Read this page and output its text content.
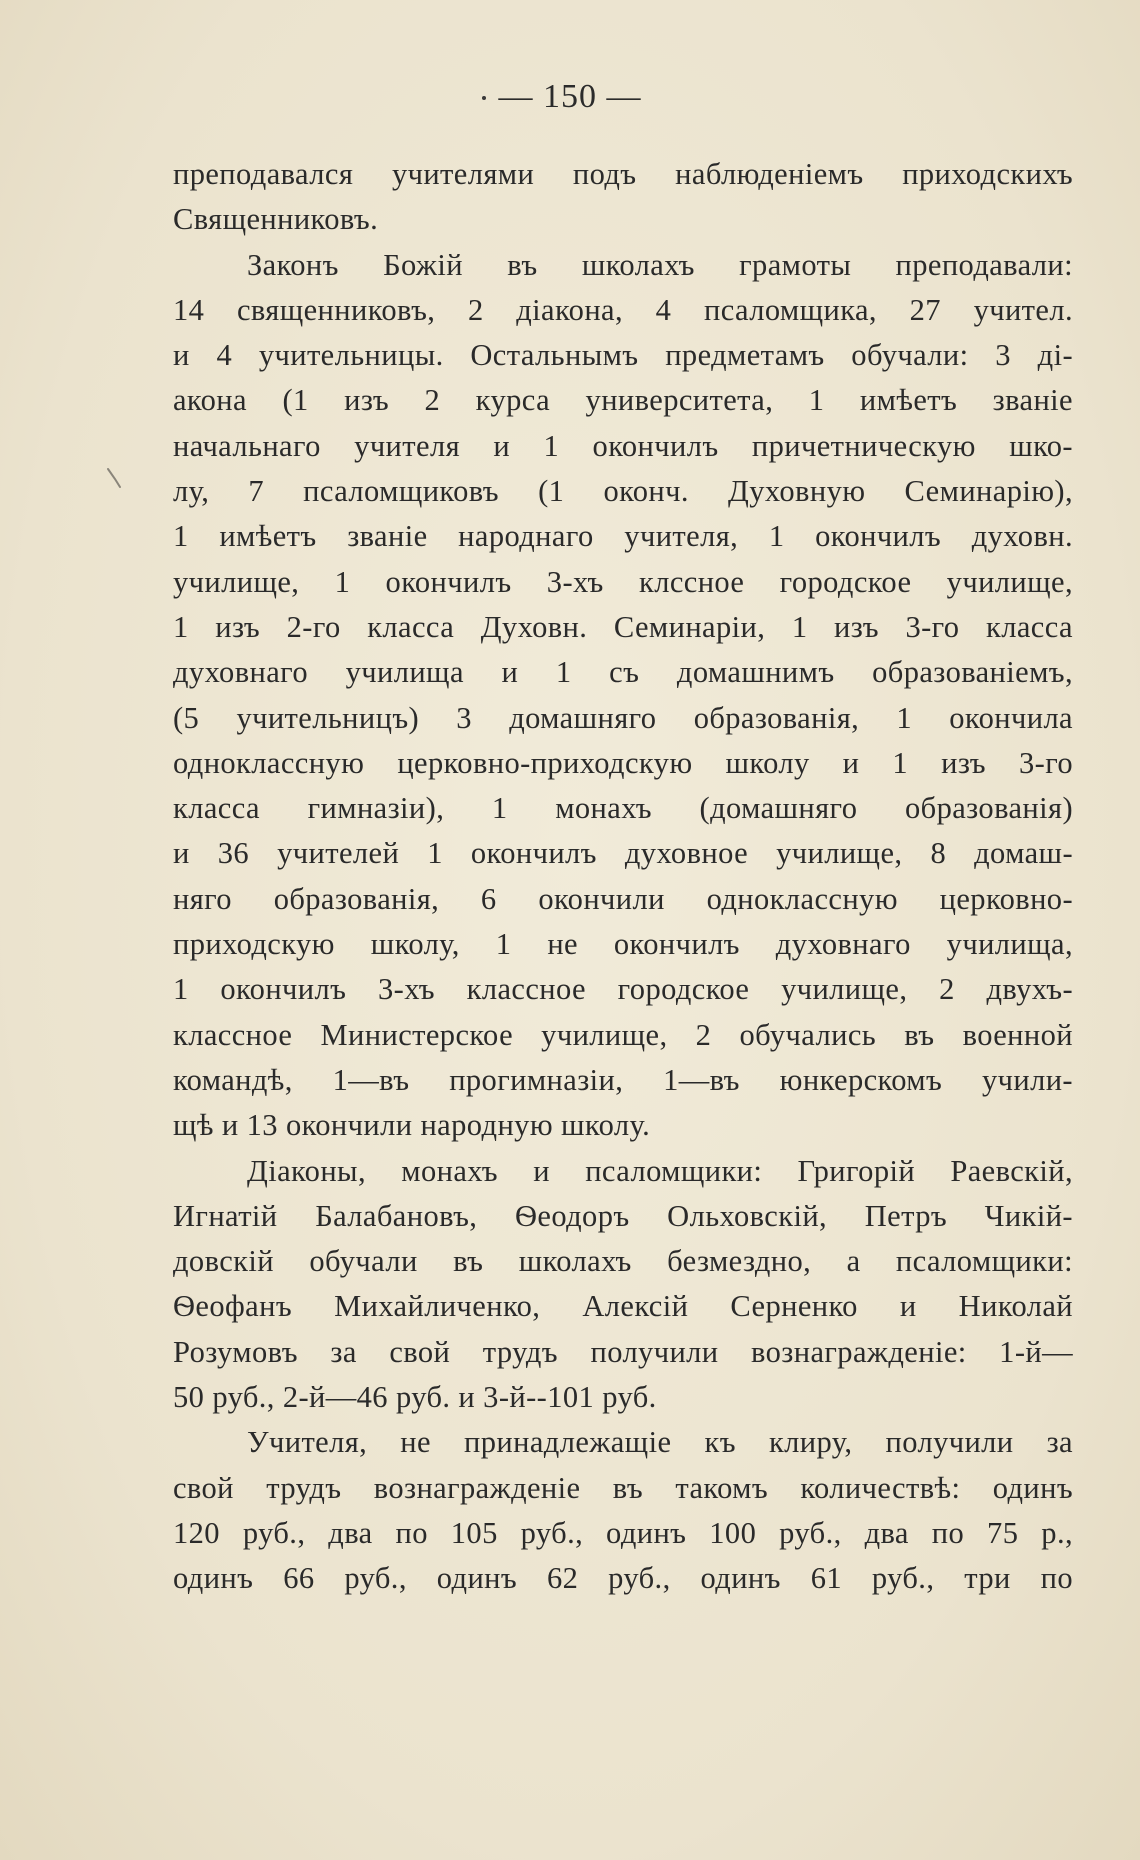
— 150 —
преподавался учителями подъ наблюденіемъ приходскихъ
Священниковъ.
Законъ Божій въ школахъ грамоты преподавали:
14 священниковъ, 2 діакона, 4 псаломщика, 27 учител.
и 4 учительницы. Остальнымъ предметамъ обучали: 3 ді-
акона (1 изъ 2 курса университета, 1 имѣетъ званіе
начальнаго учителя и 1 окончилъ причетническую шко-
лу, 7 псаломщиковъ (1 оконч. Духовную Семинарію),
1 имѣетъ званіе народнаго учителя, 1 окончилъ духовн.
училище, 1 окончилъ 3-хъ клссное городское училище,
1 изъ 2-го класса Духовн. Семинаріи, 1 изъ 3-го класса
духовнаго училища и 1 съ домашнимъ образованіемъ,
(5 учительницъ) 3 домашняго образованія, 1 окончила
одноклассную церковно-приходскую школу и 1 изъ 3-го
класса гимназіи), 1 монахъ (домашняго образованія)
и 36 учителей 1 окончилъ духовное училище, 8 домаш-
няго образованія, 6 окончили одноклассную церковно-
приходскую школу, 1 не окончилъ духовнаго училища,
1 окончилъ 3-хъ классное городское училище, 2 двухъ-
классное Министерское училище, 2 обучались въ военной
командѣ, 1—въ прогимназіи, 1—въ юнкерскомъ учили-
щѣ и 13 окончили народную школу.
Діаконы, монахъ и псаломщики: Григорій Раевскій,
Игнатій Балабановъ, Ѳеодоръ Ольховскій, Петръ Чикій-
довскій обучали въ школахъ безмездно, а псаломщики:
Ѳеофанъ Михайличенко, Алексій Серненко и Николай
Розумовъ за свой трудъ получили вознагражденіе: 1-й—
50 руб., 2-й—46 руб. и 3-й--101 руб.
Учителя, не принадлежащіе къ клиру, получили за
свой трудъ вознагражденіе въ такомъ количествѣ: одинъ
120 руб., два по 105 руб., одинъ 100 руб., два по 75 р.,
одинъ 66 руб., одинъ 62 руб., одинъ 61 руб., три по
